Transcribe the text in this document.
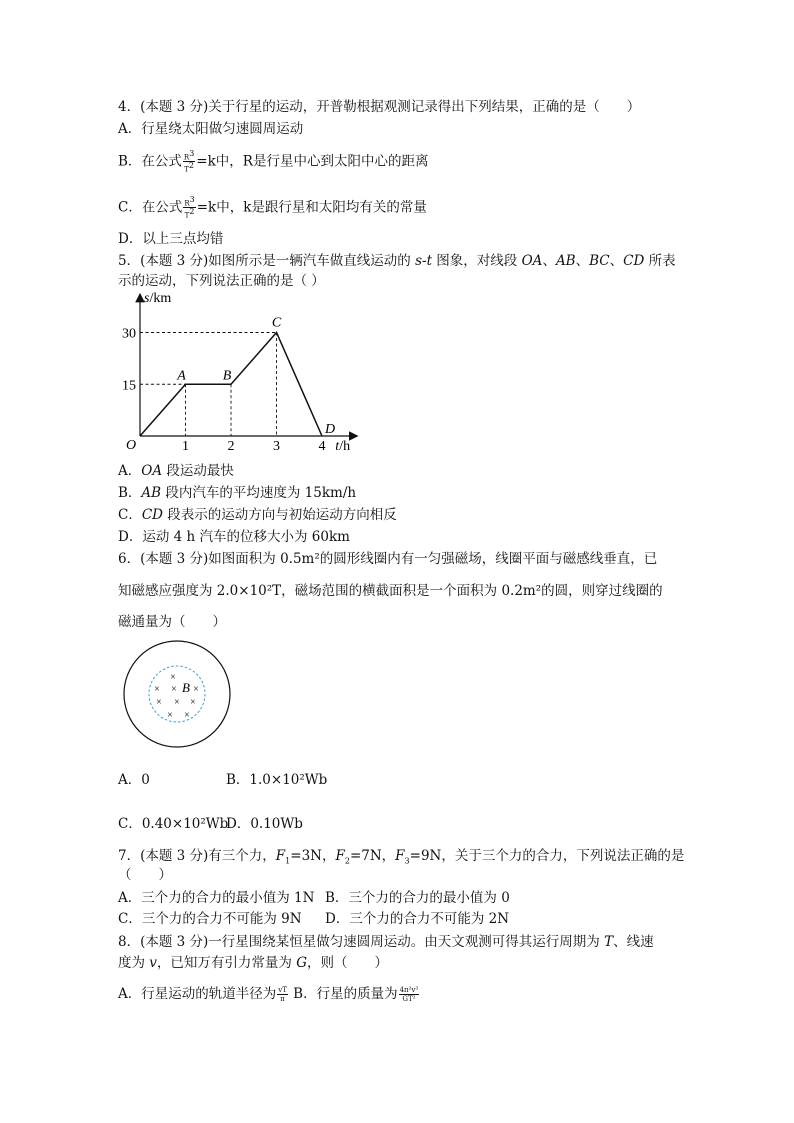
4．(本题 3 分)关于行星的运动，开普勒根据观测记录得出下列结果，正确的是（　　）
A．行星绕太阳做匀速圆周运动
B．在公式 $\frac{R^3}{T^2} =k$中，R是行星中心到太阳中心的距离
C．在公式 $\frac{R^3}{T^2} =k$中，k是跟行星和太阳均有关的常量
D．以上三点均错
5．(本题 3 分)如图所示是一辆汽车做直线运动的 s-t 图象，对线段 OA、AB、BC、CD 所表
示的运动，下列说法正确的是（ ）
s/km
t/h
O
15
30
1	2	3	4
A	B
C
D
A．OA 段运动最快
B．AB 段内汽车的平均速度为 15km/h
C．CD 段表示的运动方向与初始运动方向相反
D．运动 4 h 汽车的位移大小为 60km
6．(本题 3 分)如图面积为 0.5m²的圆形线圈内有一匀强磁场，线圈平面与磁感线垂直，已
知磁感应强度为 2.0×10²T，磁场范围的横截面积是一个面积为 0.2m²的圆，则穿过线圈的
磁通量为（　　）
×
× × B ×
× × ×
× ×
A．0	B．1.0×10²Wb
C．0.40×10²Wb
D．0.10Wb
7．(本题 3 分)有三个力，$F_1=3N$，$F_2=7N$，$F_3=9N$，关于三个力的合力，下列说法正确的是
（　　）
A．三个力的合力的最小值为 1N B．三个力的合力的最小值为 0
C．三个力的合力不可能为 9N D．三个力的合力不可能为 2N
8．(本题 3 分)一行星围绕某恒星做匀速圆周运动。由天文观测可得其运行周期为 T、线速
度为 v，已知万有引力常量为 G，则（　　）
A．行星运动的轨道半径为 $\frac{vT}{\pi}$ B．行星的质量为 $\frac{\text{4π²v³}}{\text{GT²}}$
